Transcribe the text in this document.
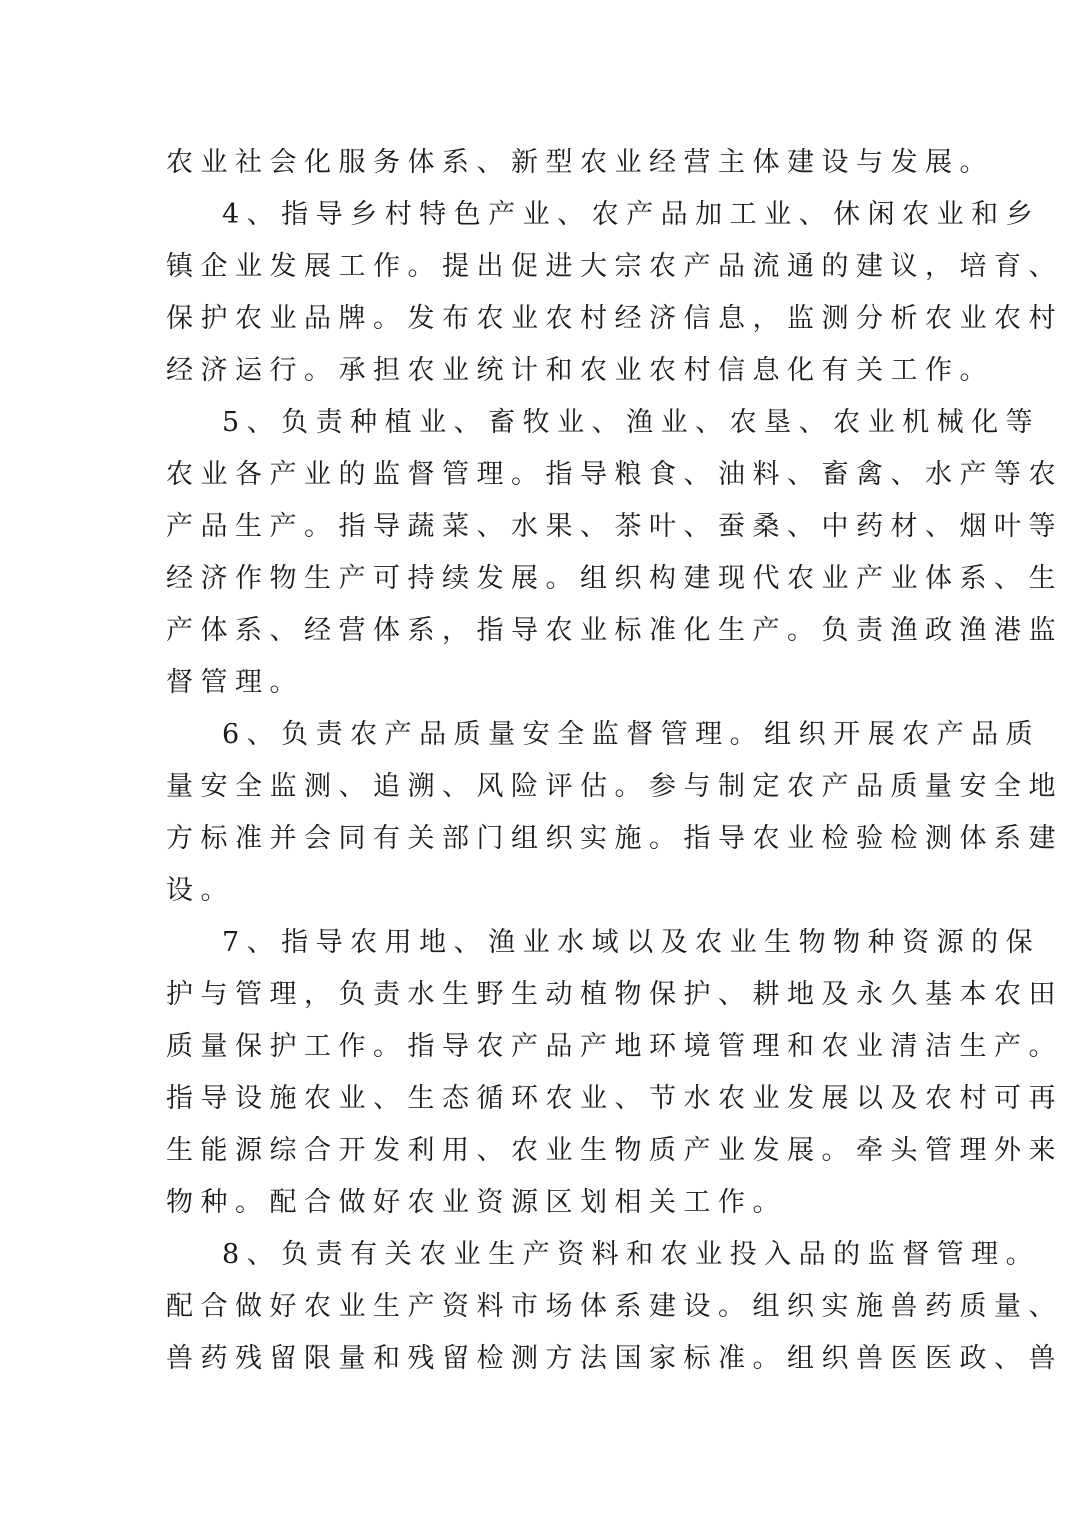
农业社会化服务体系、新型农业经营主体建设与发展。
4、指导乡村特色产业、农产品加工业、休闲农业和乡
镇企业发展工作。提出促进大宗农产品流通的建议，培育、
保护农业品牌。发布农业农村经济信息，监测分析农业农村
经济运行。承担农业统计和农业农村信息化有关工作。
5、负责种植业、畜牧业、渔业、农垦、农业机械化等
农业各产业的监督管理。指导粮食、油料、畜禽、水产等农
产品生产。指导蔬菜、水果、茶叶、蚕桑、中药材、烟叶等
经济作物生产可持续发展。组织构建现代农业产业体系、生
产体系、经营体系，指导农业标准化生产。负责渔政渔港监
督管理。
6、负责农产品质量安全监督管理。组织开展农产品质
量安全监测、追溯、风险评估。参与制定农产品质量安全地
方标准并会同有关部门组织实施。指导农业检验检测体系建
设。
7、指导农用地、渔业水域以及农业生物物种资源的保
护与管理，负责水生野生动植物保护、耕地及永久基本农田
质量保护工作。指导农产品产地环境管理和农业清洁生产。
指导设施农业、生态循环农业、节水农业发展以及农村可再
生能源综合开发利用、农业生物质产业发展。牵头管理外来
物种。配合做好农业资源区划相关工作。
8、负责有关农业生产资料和农业投入品的监督管理。
配合做好农业生产资料市场体系建设。组织实施兽药质量、
兽药残留限量和残留检测方法国家标准。组织兽医医政、兽
